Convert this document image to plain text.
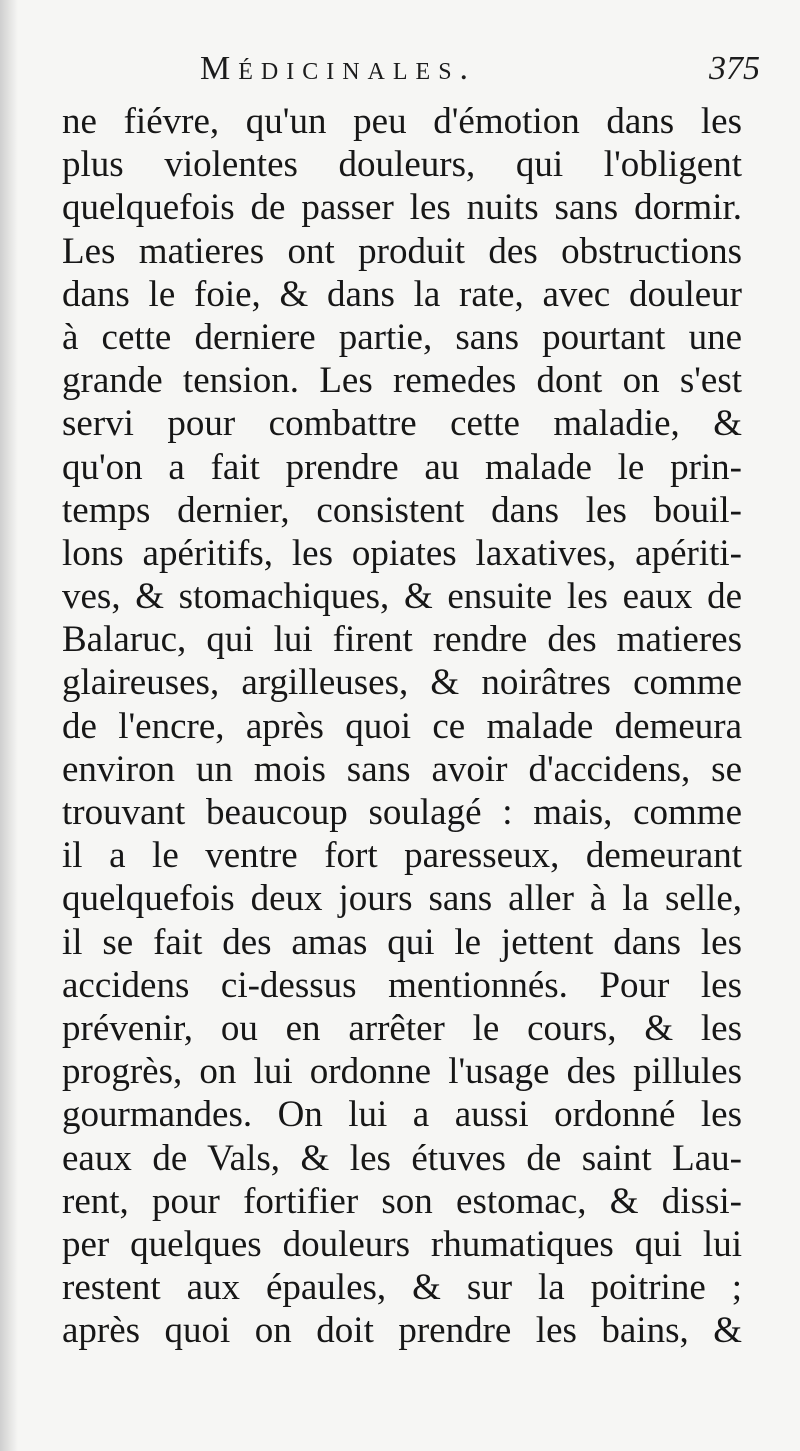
Médicinales.	375
ne fiévre, qu'un peu d'émotion dans les
plus violentes douleurs, qui l'obligent
quelquefois de passer les nuits sans dormir.
Les matieres ont produit des obstructions
dans le foie, & dans la rate, avec douleur
à cette derniere partie, sans pourtant une
grande tension. Les remedes dont on s'est
servi pour combattre cette maladie, &
qu'on a fait prendre au malade le prin-
temps dernier, consistent dans les bouil-
lons apéritifs, les opiates laxatives, apériti-
ves, & stomachiques, & ensuite les eaux de
Balaruc, qui lui firent rendre des matieres
glaireuses, argilleuses, & noirâtres comme
de l'encre, après quoi ce malade demeura
environ un mois sans avoir d'accidens, se
trouvant beaucoup soulagé : mais, comme
il a le ventre fort paresseux, demeurant
quelquefois deux jours sans aller à la selle,
il se fait des amas qui le jettent dans les
accidens ci-dessus mentionnés. Pour les
prévenir, ou en arrêter le cours, & les
progrès, on lui ordonne l'usage des pillules
gourmandes. On lui a aussi ordonné les
eaux de Vals, & les étuves de saint Lau-
rent, pour fortifier son estomac, & dissi-
per quelques douleurs rhumatiques qui lui
restent aux épaules, & sur la poitrine ;
après quoi on doit prendre les bains, &
